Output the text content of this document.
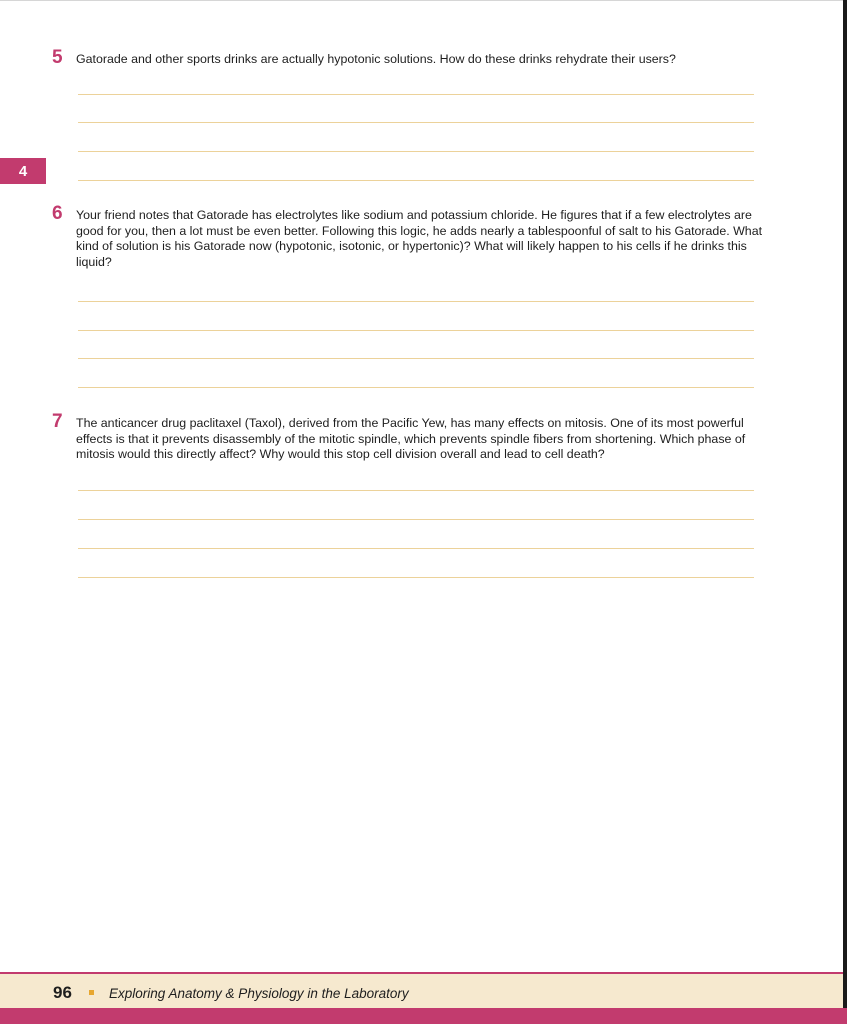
4
5 Gatorade and other sports drinks are actually hypotonic solutions. How do these drinks rehydrate their users?
6 Your friend notes that Gatorade has electrolytes like sodium and potassium chloride. He figures that if a few electrolytes are good for you, then a lot must be even better. Following this logic, he adds nearly a tablespoonful of salt to his Gatorade. What kind of solution is his Gatorade now (hypotonic, isotonic, or hypertonic)? What will likely happen to his cells if he drinks this liquid?
7 The anticancer drug paclitaxel (Taxol), derived from the Pacific Yew, has many effects on mitosis. One of its most powerful effects is that it prevents disassembly of the mitotic spindle, which prevents spindle fibers from shortening. Which phase of mitosis would this directly affect? Why would this stop cell division overall and lead to cell death?
96	Exploring Anatomy & Physiology in the Laboratory
